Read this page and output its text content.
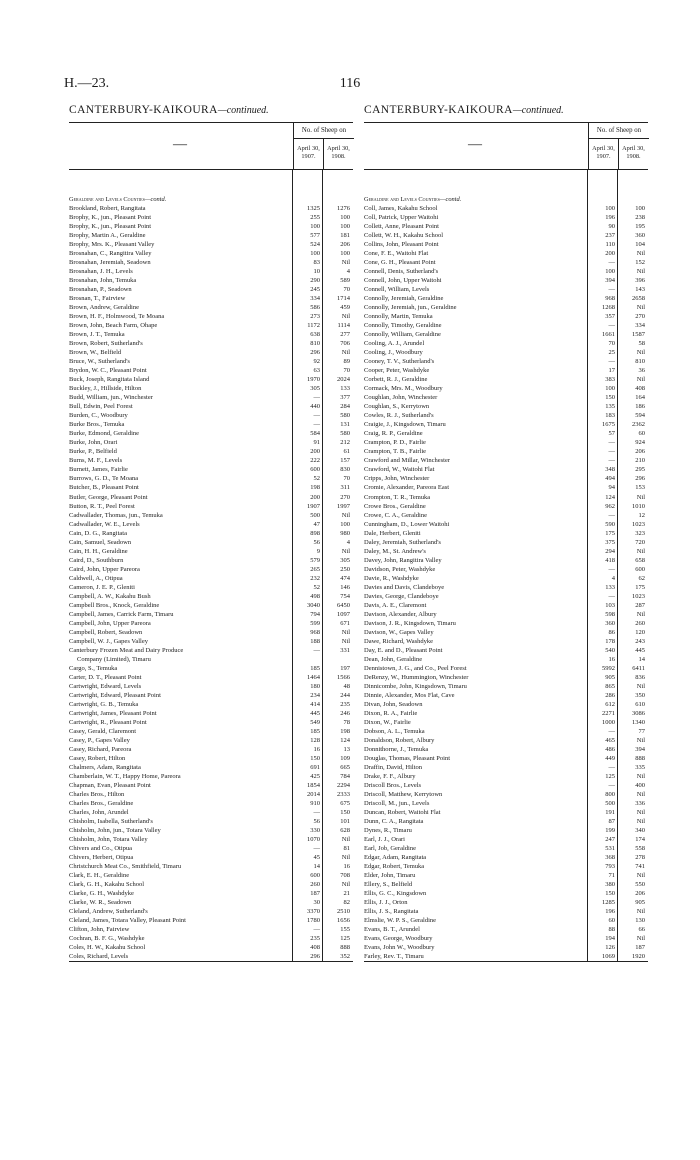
H.—23.	116
CANTERBURY-KAIKOURA—continued.
—
No. of Sheep on
April 30,
1907.
April 30,
1908.
Geraldine and Levels Counties—contd.
Brookland, Robert, Rangitata	1325	1276
Brophy, K., jun., Pleasant Point	255	100
Brophy, K., jun., Pleasant Point	100	100
Brophy, Martin A., Geraldine	577	181
Brophy, Mrs. K., Pleasant Valley	524	206
Brosnahan, C., Rangitira Valley	100	100
Brosnahan, Jeremiah, Seadown	83	Nil
Brosnahan, J. H., Levels	10	4
Brosnahan, John, Temuka	290	589
Brosnahan, P., Seadown	245	70
Brosnan, T., Fairview	334	1714
Brown, Andrew, Geraldine	586	459
Brown, H. F., Holmwood, Te Moana	273	Nil
Brown, John, Beach Farm, Ohape	1172	1114
Brown, J. T., Temuka	638	277
Brown, Robert, Sutherland's	810	706
Brown, W., Belfield	296	Nil
Bruce, W., Sutherland's	92	89
Brydon, W. C., Pleasant Point	63	70
Buck, Joseph, Rangitata Island	1970	2024
Buckley, J., Hillside, Hilton	305	133
Budd, William, jun., Winchester	—	377
Bull, Edwin, Peel Forest	440	284
Burden, C., Woodbury	—	580
Burke Bros., Temuka	—	131
Burke, Edmond, Geraldine	584	580
Burke, John, Orari	91	212
Burke, P., Belfield	200	61
Burns, M. F., Levels	222	157
Burnett, James, Fairlie	600	830
Burrows, G. D., Te Moana	52	70
Butcher, B., Pleasant Point	198	311
Butler, George, Pleasant Point	200	270
Button, R. T., Peel Forest	1907	1997
Cadwallader, Thomas, jun., Temuka	500	Nil
Cadwallader, W. E., Levels	47	100
Cain, D. G., Rangitata	898	980
Cain, Samuel, Seadown	56	4
Cain, H. H., Geraldine	9	Nil
Caird, D., Southburn	579	305
Caird, John, Upper Pareora	265	250
Caldwell, A., Otipua	232	474
Cameron, J. E. P., Gleniti	52	146
Campbell, A. W., Kakahu Bush	498	754
Campbell Bros., Knock, Geraldine	3040	6450
Campbell, James, Carrick Farm, Timaru	794	1097
Campbell, John, Upper Pareora	599	671
Campbell, Robert, Seadown	968	Nil
Campbell, W. J., Gapes Valley	188	Nil
Canterbury Frozen Meat and Dairy Produce	—	331
Company (Limited), Timaru
Cargo, S., Temuka	185	197
Carter, D. T., Pleasant Point	1464	1566
Cartwright, Edward, Levels	180	48
Cartwright, Edward, Pleasant Point	234	244
Cartwright, G. B., Temuka	414	235
Cartwright, James, Pleasant Point	445	246
Cartwright, R., Pleasant Point	549	78
Casey, Gerald, Claremont	185	198
Casey, P., Gapes Valley	128	124
Casey, Richard, Pareora	16	13
Casey, Robert, Hilton	150	109
Chalmers, Adam, Rangitata	691	665
Chamberlain, W. T., Happy Home, Pareora	425	784
Chapman, Evan, Pleasant Point	1854	2294
Charles Bros., Hilton	2014	2333
Charles Bros., Geraldine	910	675
Charles, John, Arundel	—	150
Chisholm, Isabella, Sutherland's	56	101
Chisholm, John, jun., Totara Valley	330	628
Chisholm, John, Totara Valley	1070	Nil
Chivers and Co., Otipua	—	81
Chivers, Herbert, Otipua	45	Nil
Christchurch Meat Co., Smithfield, Timaru	14	16
Clark, E. H., Geraldine	600	708
Clark, G. H., Kakahu School	260	Nil
Clarke, G. H., Washdyke	187	21
Clarke, W. R., Seadown	30	82
Cleland, Andrew, Sutherland's	3370	2510
Cleland, James, Totara Valley, Pleasant Point	1780	1656
Clifton, John, Fairview	—	155
Cochran, B. F. G., Washdyke	235	125
Coles, H. W., Kakahu School	408	888
Coles, Richard, Levels	296	352
CANTERBURY-KAIKOURA—continued.
—
No. of Sheep on
April 30,
1907.
April 30,
1908.
Geraldine and Levels Counties—contd.
Coll, James, Kakahu School	100	100
Coll, Patrick, Upper Waitohi	196	238
Collett, Anne, Pleasant Point	90	195
Collett, W. H., Kakahu School	237	360
Collins, John, Pleasant Point	110	104
Cone, F. E., Waitohi Flat	200	Nil
Cone, G. H., Pleasant Point	—	152
Connell, Denis, Sutherland's	100	Nil
Connell, John, Upper Waitohi	394	396
Connell, William, Levels	—	143
Connolly, Jeremiah, Geraldine	968	2658
Connolly, Jeremiah, jun., Geraldine	1268	Nil
Connolly, Martin, Temuka	357	270
Connolly, Timothy, Geraldine	—	334
Connolly, William, Geraldine	1661	1587
Cooling, A. J., Arundel	70	58
Cooling, J., Woodbury	25	Nil
Cooney, T. V., Sutherland's	—	810
Cooper, Peter, Washdyke	17	36
Corbett, R. J., Geraldine	383	Nil
Cormack, Mrs. M., Woodbury	100	408
Coughlan, John, Winchester	150	164
Coughlan, S., Kerrytown	135	186
Cowles, R. J., Sutherland's	183	594
Craigie, J., Kingsdown, Timaru	1675	2362
Craig, R. P., Geraldine	57	60
Crampton, P. D., Fairlie	—	924
Crampton, T. B., Fairlie	—	206
Crawford and Millar, Winchester	—	210
Crawford, W., Waitohi Flat	348	295
Cripps, John, Winchester	494	296
Cromie, Alexander, Pareora East	94	153
Crompton, T. R., Temuka	124	Nil
Crowe Bros., Geraldine	962	1010
Crowe, C. A., Geraldine	—	12
Cunningham, D., Lower Waitohi	590	1023
Dale, Herbert, Gleniti	175	323
Daley, Jeremiah, Sutherland's	375	720
Daley, M., St. Andrew's	294	Nil
Davey, John, Rangitira Valley	418	658
Davidson, Peter, Washdyke	—	600
Davie, R., Washdyke	4	62
Davies and Davis, Clandeboye	133	175
Davies, George, Clandeboye	—	1023
Davis, A. E., Claremont	103	287
Davison, Alexander, Albury	598	Nil
Davison, J. R., Kingsdown, Timaru	360	260
Davison, W., Gapes Valley	86	120
Dawe, Richard, Washdyke	178	243
Day, E. and D., Pleasant Point	540	445
Dean, John, Geraldine	16	14
Dennistown, J. G., and Co., Peel Forest	5992	6411
DeRenzy, W., Hummington, Winchester	905	836
Dinnicombe, John, Kingsdown, Timaru	865	Nil
Dinnie, Alexander, Mos Flat, Cave	286	350
Divan, John, Seadown	612	610
Dixon, R. A., Fairlie	2271	3086
Dixon, W., Fairlie	1000	1340
Dobson, A. L., Temuka	—	77
Donaldson, Robert, Albury	465	Nil
Donnithorne, J., Temuka	486	394
Douglas, Thomas, Pleasant Point	449	888
Draffin, David, Hilton	—	335
Drake, F. F., Albury	125	Nil
Driscoll Bros., Levels	—	400
Driscoll, Matthew, Kerrytown	800	Nil
Driscoll, M., jun., Levels	500	336
Duncan, Robert, Waitohi Flat	191	Nil
Dunn, C. A., Rangitata	87	Nil
Dynes, R., Timaru	199	340
Earl, J. J., Orari	247	174
Earl, Job, Geraldine	531	558
Edgar, Adam, Rangitata	368	278
Edgar, Robert, Temuka	793	741
Elder, John, Timaru	71	Nil
Ellery, S., Belfield	380	550
Ellis, G. C., Kingsdown	150	206
Ellis, J. J., Orton	1285	905
Ellis, J. S., Rangitata	196	Nil
Elmslie, W. P. S., Geraldine	60	130
Evans, B. T., Arundel	88	66
Evans, George, Woodbury	194	Nil
Evans, John W., Woodbury	126	187
Farley, Rev. T., Timaru	1069	1920
